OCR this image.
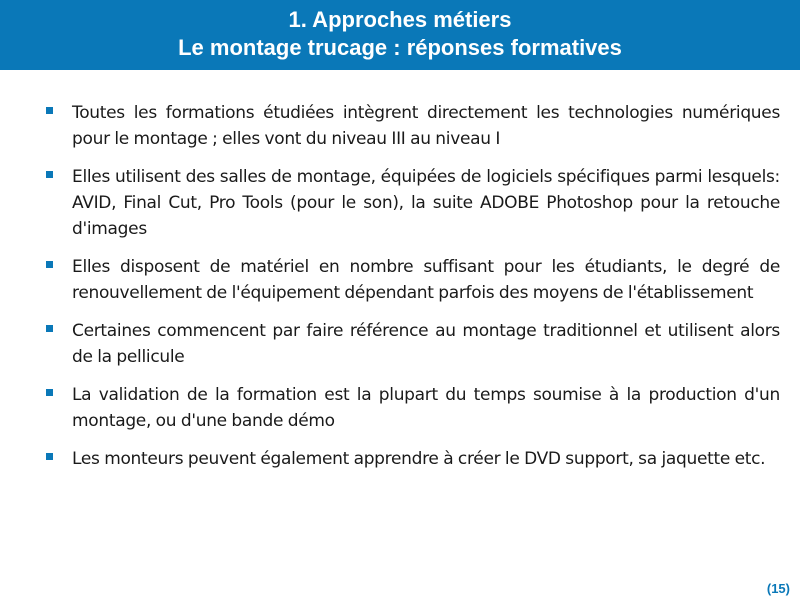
1. Approches métiers
Le montage trucage : réponses formatives
Toutes les formations étudiées intègrent directement les technologies numériques pour le montage ; elles vont du niveau III au niveau I
Elles utilisent des salles de montage, équipées de logiciels spécifiques parmi lesquels: AVID, Final Cut, Pro Tools (pour le son), la suite ADOBE Photoshop pour la retouche d'images
Elles disposent de matériel en nombre suffisant pour les étudiants, le degré de renouvellement de l'équipement dépendant parfois des moyens de l'établissement
Certaines commencent par faire référence au montage traditionnel et utilisent alors de la pellicule
La validation de la formation est la plupart du temps soumise à la production d'un montage, ou d'une bande démo
Les monteurs peuvent également apprendre à créer le DVD support, sa jaquette etc.
(15)
